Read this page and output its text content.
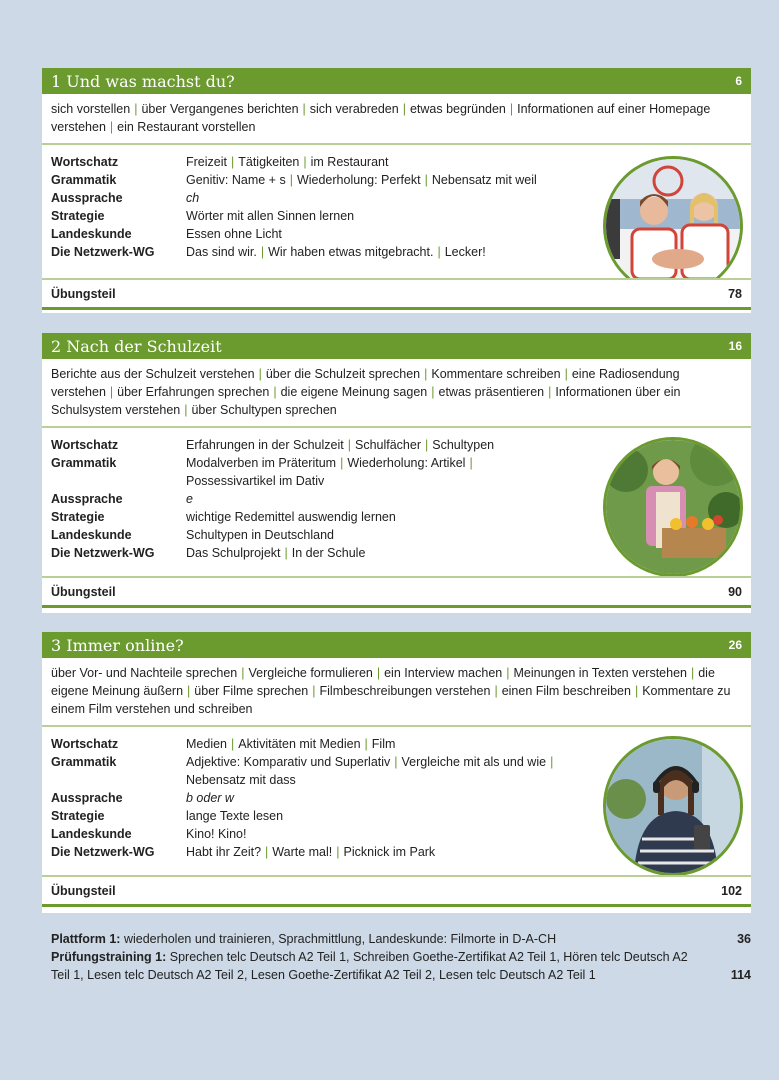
1 Und was machst du?	6
sich vorstellen | über Vergangenes berichten | sich verabreden | etwas begründen | Informationen auf einer Homepage verstehen | ein Restaurant vorstellen
Wortschatz	Freizeit | Tätigkeiten | im Restaurant
Grammatik	Genitiv: Name + s | Wiederholung: Perfekt | Nebensatz mit weil
Aussprache	ch
Strategie	Wörter mit allen Sinnen lernen
Landeskunde	Essen ohne Licht
Die Netzwerk-WG	Das sind wir. | Wir haben etwas mitgebracht. | Lecker!
Übungsteil	78
2 Nach der Schulzeit	16
Berichte aus der Schulzeit verstehen | über die Schulzeit sprechen | Kommentare schreiben | eine Radiosendung verstehen | über Erfahrungen sprechen | die eigene Meinung sagen | etwas präsentieren | Informationen über ein Schulsystem verstehen | über Schultypen sprechen
Wortschatz	Erfahrungen in der Schulzeit | Schulfächer | Schultypen
Grammatik	Modalverben im Präteritum | Wiederholung: Artikel |
Possessivartikel im Dativ
Aussprache	e
Strategie	wichtige Redemittel auswendig lernen
Landeskunde	Schultypen in Deutschland
Die Netzwerk-WG	Das Schulprojekt | In der Schule
Übungsteil	90
3 Immer online?	26
über Vor- und Nachteile sprechen | Vergleiche formulieren | ein Interview machen | Meinungen in Texten verstehen | die eigene Meinung äußern | über Filme sprechen | Filmbeschreibungen verstehen | einen Film beschreiben | Kommentare zu einem Film verstehen und schreiben
Wortschatz	Medien | Aktivitäten mit Medien | Film
Grammatik	Adjektive: Komparativ und Superlativ | Vergleiche mit als und wie |
Nebensatz mit dass
Aussprache	b oder w
Strategie	lange Texte lesen
Landeskunde	Kino! Kino!
Die Netzwerk-WG	Habt ihr Zeit? | Warte mal! | Picknick im Park
Übungsteil	102
Plattform 1: wiederholen und trainieren, Sprachmittlung, Landeskunde: Filmorte in D-A-CH	36
Prüfungstraining 1: Sprechen telc Deutsch A2 Teil 1, Schreiben Goethe-Zertifikat A2 Teil 1, Hören telc Deutsch A2
Teil 1, Lesen telc Deutsch A2 Teil 2, Lesen Goethe-Zertifikat A2 Teil 2, Lesen telc Deutsch A2 Teil 1	114
